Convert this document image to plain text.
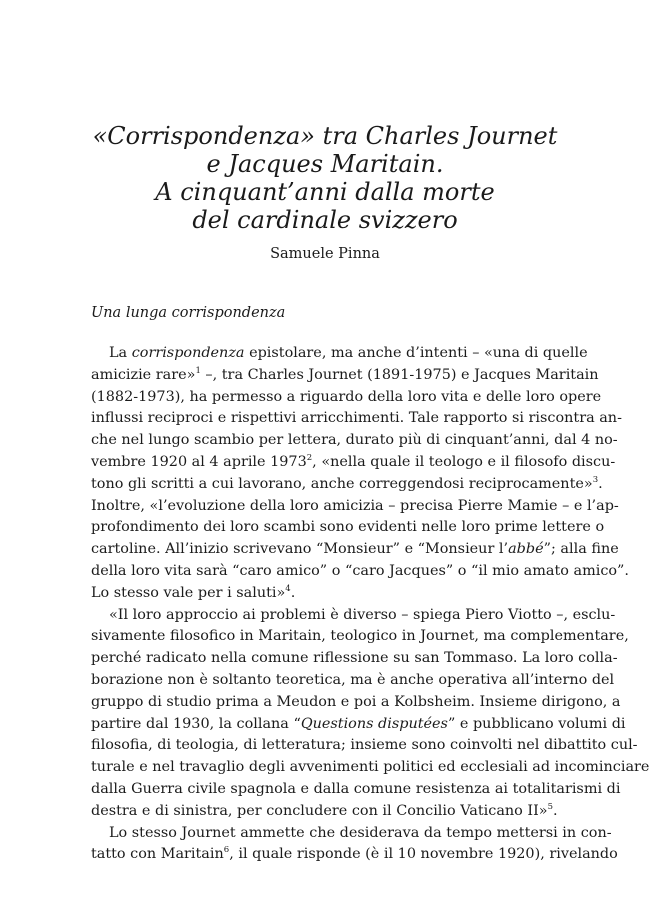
«Corrispondenza» tra Charles Journet
e Jacques Maritain.
A cinquant’anni dalla morte
del cardinale svizzero
Samuele Pinna
Una lunga corrispondenza
La corrispondenza epistolare, ma anche d’intenti – «una di quelle
amicizie rare»$^1$ –, tra Charles Journet (1891-1975) e Jacques Maritain
(1882-1973), ha permesso a riguardo della loro vita e delle loro opere
influssi reciproci e rispettivi arricchimenti. Tale rapporto si riscontra an-
che nel lungo scambio per lettera, durato più di cinquant’anni, dal 4 no-
vembre 1920 al 4 aprile 1973$^2$, «nella quale il teologo e il filosofo discu-
tono gli scritti a cui lavorano, anche correggendosi reciprocamente»$^3$.
Inoltre, «l’evoluzione della loro amicizia – precisa Pierre Mamie – e l’ap-
profondimento dei loro scambi sono evidenti nelle loro prime lettere o
cartoline. All’inizio scrivevano “Monsieur” e “Monsieur l’abbé”; alla fine
della loro vita sarà “caro amico” o “caro Jacques” o “il mio amato amico”.
Lo stesso vale per i saluti»$^4$.
«Il loro approccio ai problemi è diverso – spiega Piero Viotto –, esclu-
sivamente filosofico in Maritain, teologico in Journet, ma complementare,
perché radicato nella comune riflessione su san Tommaso. La loro colla-
borazione non è soltanto teoretica, ma è anche operativa all’interno del
gruppo di studio prima a Meudon e poi a Kolbsheim. Insieme dirigono, a
partire dal 1930, la collana “Questions disputées” e pubblicano volumi di
filosofia, di teologia, di letteratura; insieme sono coinvolti nel dibattito cul-
turale e nel travaglio degli avvenimenti politici ed ecclesiali ad incominciare
dalla Guerra civile spagnola e dalla comune resistenza ai totalitarismi di
destra e di sinistra, per concludere con il Concilio Vaticano II»$^5$.
Lo stesso Journet ammette che desiderava da tempo mettersi in con-
tatto con Maritain$^6$, il quale risponde (è il 10 novembre 1920), rivelando
